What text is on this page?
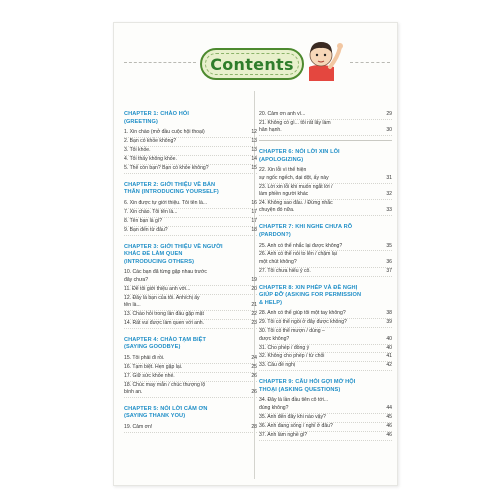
Contents
CHAPTER 1: CHÀO HỎI
(GREETING)
1. Xin chào (mở đầu cuộc hội thoại)	12
2. Bạn có khỏe không?	13
3. Tôi khỏe.	13
4. Tôi thấy không khỏe.	14
5. Thế còn bạn? Bạn có khỏe không?	15
CHAPTER 2: GIỚI THIỆU VỀ BẢN
THÂN (INTRODUCING YOURSELF)
6. Xin được tự giới thiệu. Tôi tên là...	16
7. Xin chào. Tôi tên là...	17
8. Tên bạn là gì?	17
9. Bạn đến từ đâu?	18
CHAPTER 3: GIỚI THIỆU VỀ NGƯỜI
KHÁC ĐỂ LÀM QUEN
(INTRODUCING OTHERS)
10. Các bạn đã từng gặp nhau trước
đây chưa?	19
11. Để tôi giới thiệu anh với...	20
12. Đây là bạn của tôi. Anh/chị ấy
tên là...	21
13. Chào hỏi trong lần đầu gặp mặt	22
14. Rất vui được làm quen với anh.	23
CHAPTER 4: CHÀO TẠM BIỆT
(SAYING GOODBYE)
15. Tôi phải đi rồi.	24
16. Tạm biệt. Hẹn gặp lại.	25
17. Giữ sức khỏe nhé.	26
18. Chúc may mắn / chúc thượng lộ
bình an.	26
CHAPTER 5: NÓI LỜI CẢM ƠN
(SAYING THANK YOU)
19. Cảm ơn!	28
20. Cảm ơn anh vì...	29
21. Không có gì... tôi rất lấy làm
hân hạnh.	30
CHAPTER 6: NÓI LỜI XIN LỖI
(APOLOGIZING)
22. Xin lỗi vì thể hiện
sự ngốc ngếch, dại dột, ấy này	31
23. Lời xin lỗi khi muốn ngắt lời /
làm phiền người khác	32
24. Không sao đâu. / Đừng nhắc
chuyện đó nữa.	33
CHAPTER 7: KHI NGHE CHƯA RÕ
(PARDON?)
25. Anh có thể nhắc lại được không?	35
26. Anh có thể nói to lên / chậm lại
một chút không?	36
27. Tôi chưa hiểu ý cô.	37
CHAPTER 8: XIN PHÉP VÀ ĐỀ NGHỊ
GIÚP ĐỠ (ASKING FOR PERMISSION
& HELP)
28. Anh có thể giúp tôi một tay không?	38
29. Tôi có thể ngồi ở đây được không?	39
30. Tôi có thể mượn / dùng –
được không?	40
31. Cho phép / đồng ý	40
32. Không cho phép / từ chối	41
33. Câu đề nghị	42
CHAPTER 9: CÂU HỎI GỢI MỞ HỘI
THOẠI (ASKING QUESTIONS)
34. Đây là lần đầu tiên cô tới...
đúng không?	44
35. Anh đến đây khi nào vậy?	45
36. Anh đang sống / nghỉ ở đâu?	46
37. Anh làm nghề gì?	46
